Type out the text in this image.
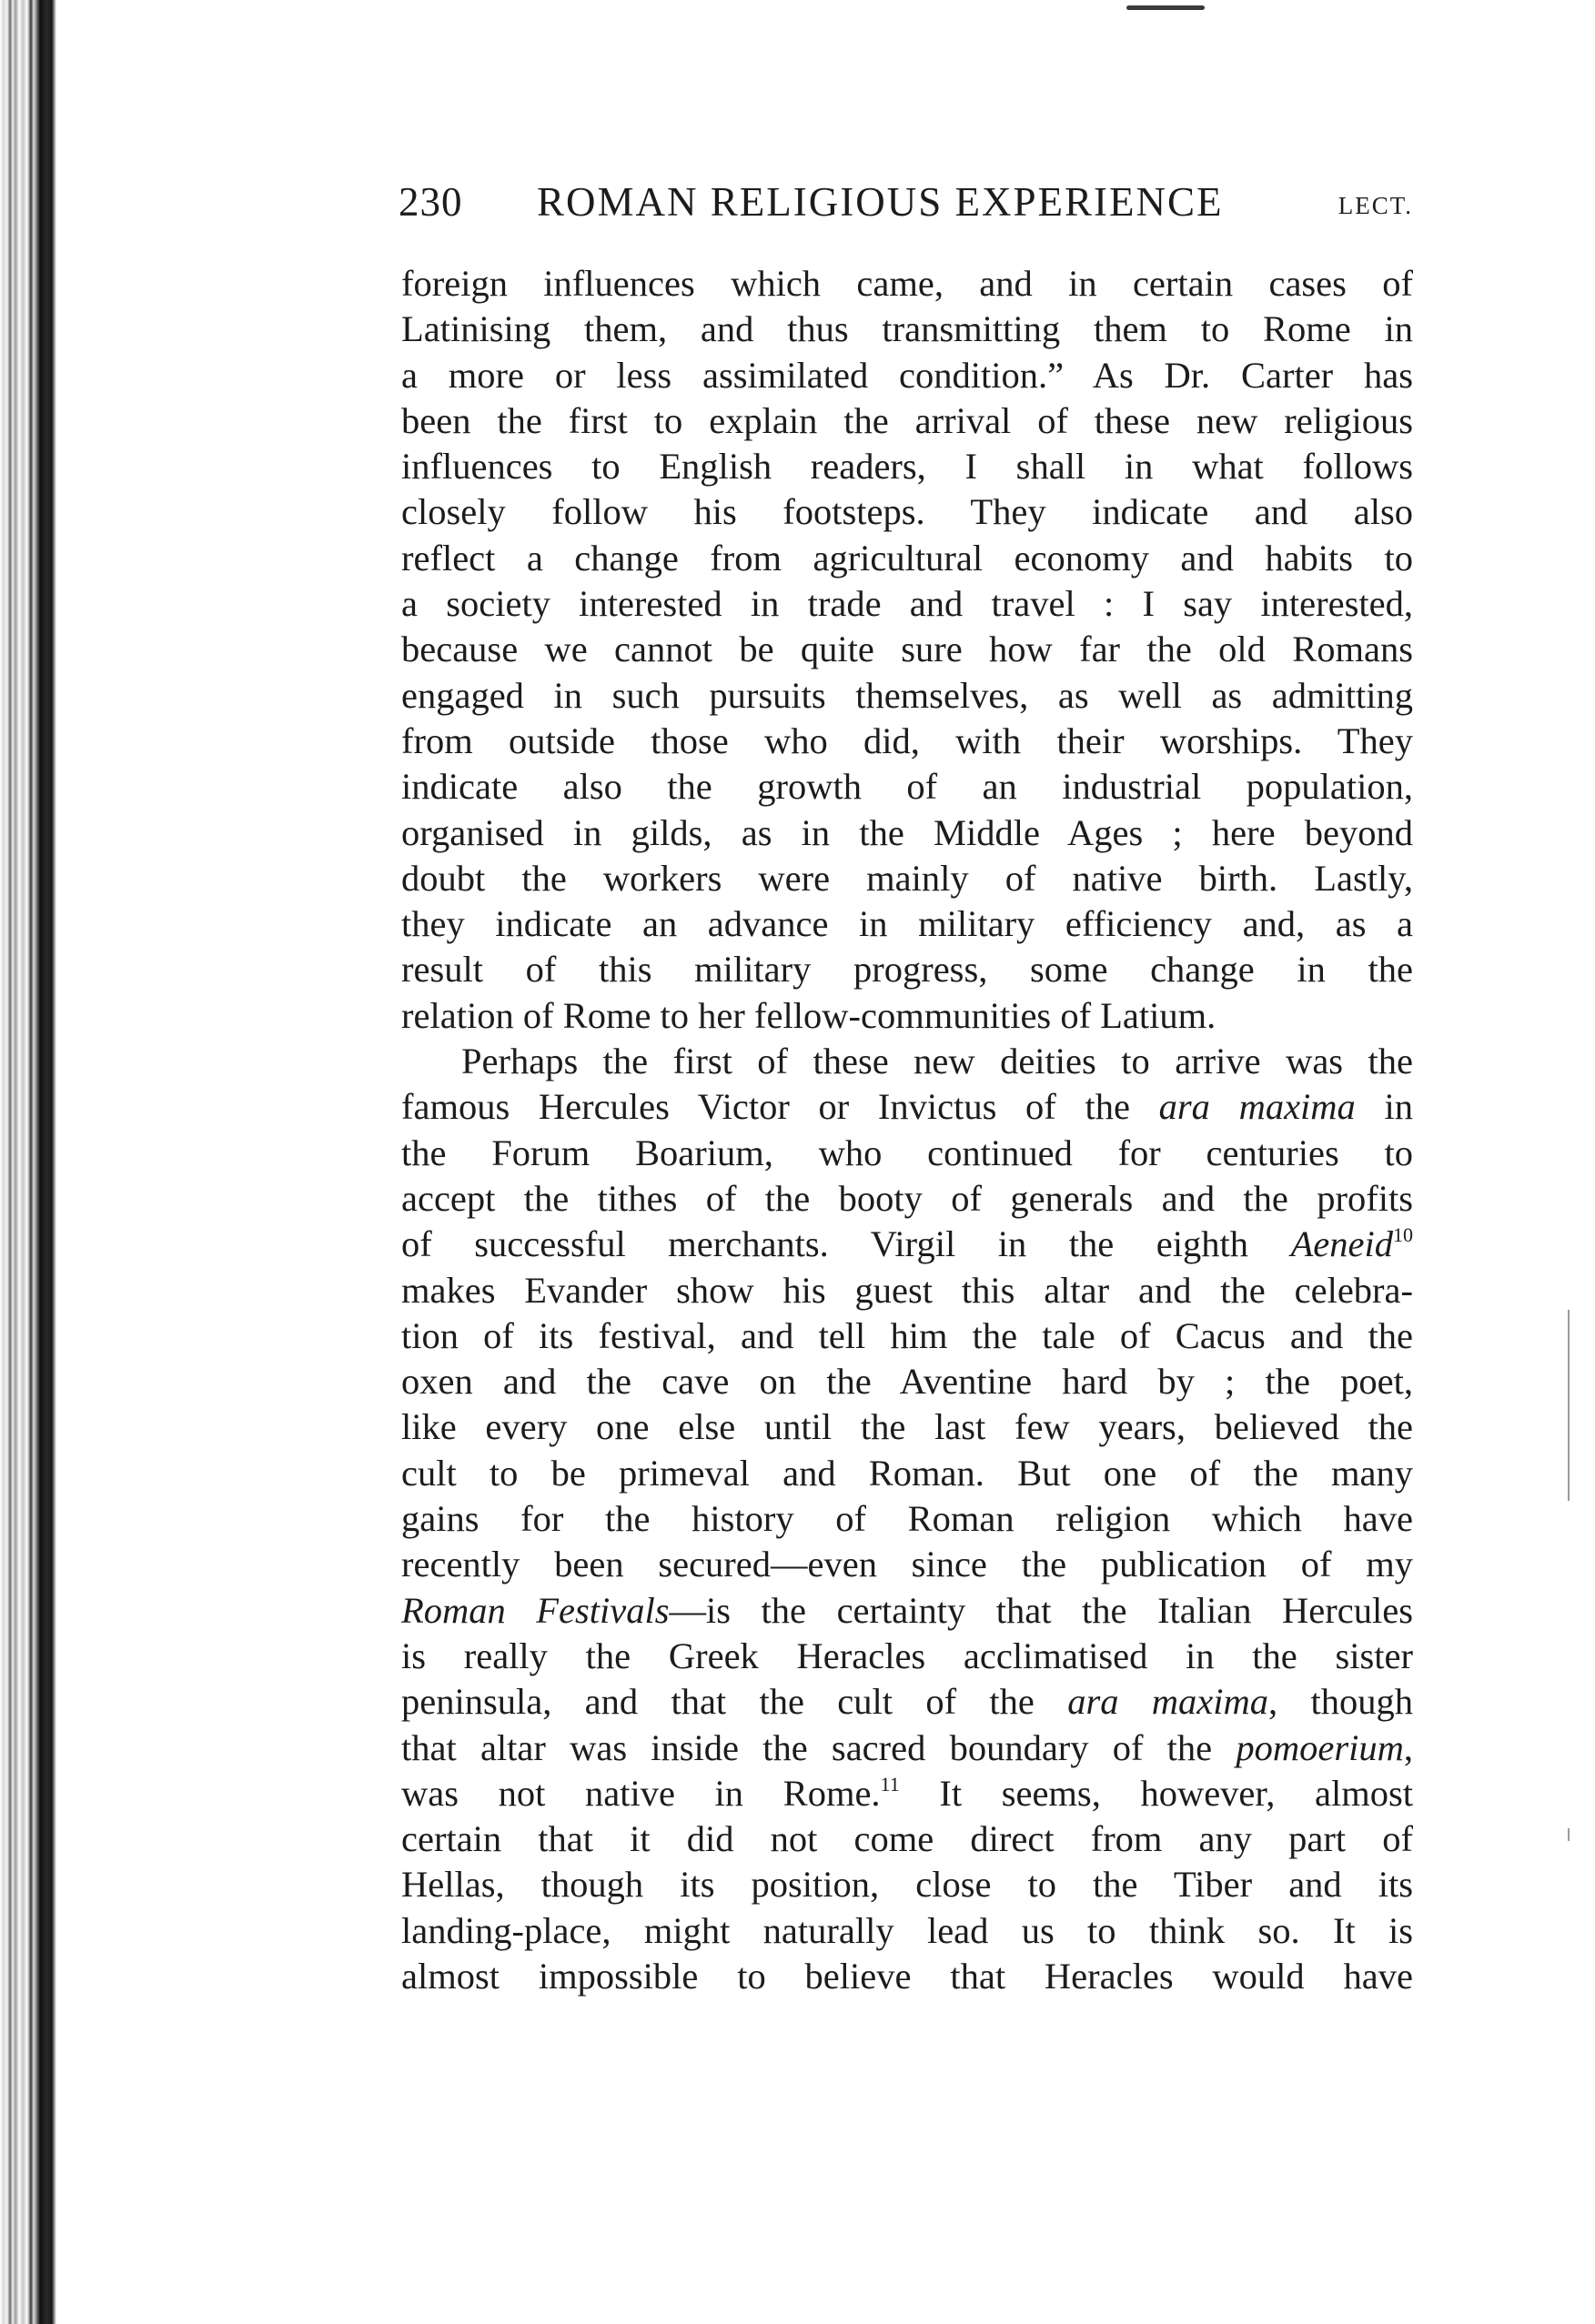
230 ROMAN RELIGIOUS EXPERIENCE	LECT.
foreign influences which came, and in certain cases of
Latinising them, and thus transmitting them to Rome in
a more or less assimilated condition.” As Dr. Carter has
been the first to explain the arrival of these new religious
influences to English readers, I shall in what follows
closely follow his footsteps. They indicate and also
reflect a change from agricultural economy and habits to
a society interested in trade and travel : I say interested,
because we cannot be quite sure how far the old Romans
engaged in such pursuits themselves, as well as admitting
from outside those who did, with their worships. They
indicate also the growth of an industrial population,
organised in gilds, as in the Middle Ages ; here beyond
doubt the workers were mainly of native birth. Lastly,
they indicate an advance in military efficiency and, as a
result of this military progress, some change in the
relation of Rome to her fellow-communities of Latium.
Perhaps the first of these new deities to arrive was the
famous Hercules Victor or Invictus of the ara maxima in
the Forum Boarium, who continued for centuries to
accept the tithes of the booty of generals and the profits
of successful merchants. Virgil in the eighth Aeneid$^{10}$
makes Evander show his guest this altar and the celebra-
tion of its festival, and tell him the tale of Cacus and the
oxen and the cave on the Aventine hard by ; the poet,
like every one else until the last few years, believed the
cult to be primeval and Roman. But one of the many
gains for the history of Roman religion which have
recently been secured—even since the publication of my
Roman Festivals—is the certainty that the Italian Hercules
is really the Greek Heracles acclimatised in the sister
peninsula, and that the cult of the ara maxima, though
that altar was inside the sacred boundary of the pomoerium,
was not native in Rome.$^{11}$ It seems, however, almost
certain that it did not come direct from any part of
Hellas, though its position, close to the Tiber and its
landing-place, might naturally lead us to think so. It is
almost impossible to believe that Heracles would have
